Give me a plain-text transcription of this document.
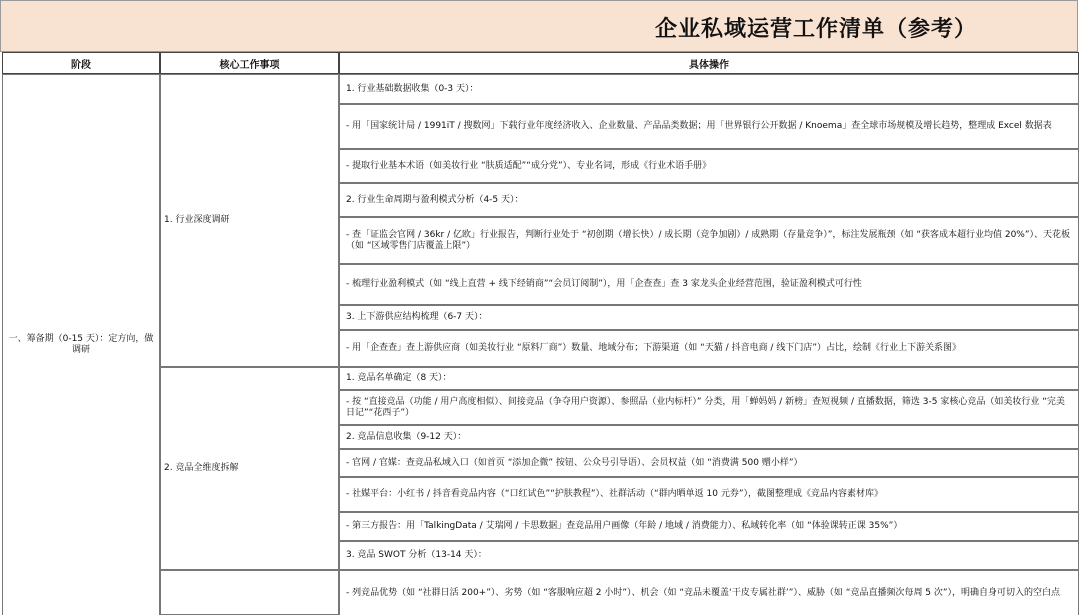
企业私域运营工作清单（参考）
阶段	核心工作事项	具体操作
一、筹备期（0-15 天）：定方向，做调研
1. 行业深度调研
2. 竞品全维度拆解
1. 行业基础数据收集（0-3 天）：
- 用「国家统计局 / 1991iT / 搜数网」下载行业年度经济收入、企业数量、产品品类数据；用「世界银行公开数据 / Knoema」查全球市场规模及增长趋势，整理成 Excel 数据表
- 提取行业基本术语（如美妆行业 “肤质适配”“成分党”）、专业名词，形成《行业术语手册》
2. 行业生命周期与盈利模式分析（4-5 天）：
- 查「证监会官网 / 36kr / 亿欧」行业报告，判断行业处于 “初创期（增长快）/ 成长期（竞争加剧）/ 成熟期（存量竞争）”，标注发展瓶颈（如 “获客成本超行业均值 20%”）、天花板（如 “区域零售门店覆盖上限”）
- 梳理行业盈利模式（如 “线上直营 + 线下经销商”“会员订阅制”），用「企查查」查 3 家龙头企业经营范围，验证盈利模式可行性
3. 上下游供应结构梳理（6-7 天）：
- 用「企查查」查上游供应商（如美妆行业 “原料厂商”）数量、地域分布；下游渠道（如 “天猫 / 抖音电商 / 线下门店”）占比，绘制《行业上下游关系图》
1. 竞品名单确定（8 天）：
- 按 “直接竞品（功能 / 用户高度相似）、间接竞品（争夺用户资源）、参照品（业内标杆）” 分类，用「蝉妈妈 / 新榜」查短视频 / 直播数据，筛选 3-5 家核心竞品（如美妆行业 “完美日记”“花西子”）
2. 竞品信息收集（9-12 天）：
- 官网 / 官媒：查竞品私域入口（如首页 “添加企微” 按钮、公众号引导语）、会员权益（如 “消费满 500 赠小样”）
- 社媒平台：小红书 / 抖音看竞品内容（“口红试色”“护肤教程”）、社群活动（“群内晒单返 10 元券”），截图整理成《竞品内容素材库》
- 第三方报告：用「TalkingData / 艾瑞网 / 卡思数据」查竞品用户画像（年龄 / 地域 / 消费能力）、私域转化率（如 “体验课转正课 35%”）
3. 竞品 SWOT 分析（13-14 天）：
- 列竞品优势（如 “社群日活 200+”）、劣势（如 “客服响应超 2 小时”）、机会（如 “竞品未覆盖‘干皮专属社群’”）、威胁（如 “竞品直播频次每周 5 次”），明确自身可切入的空白点
